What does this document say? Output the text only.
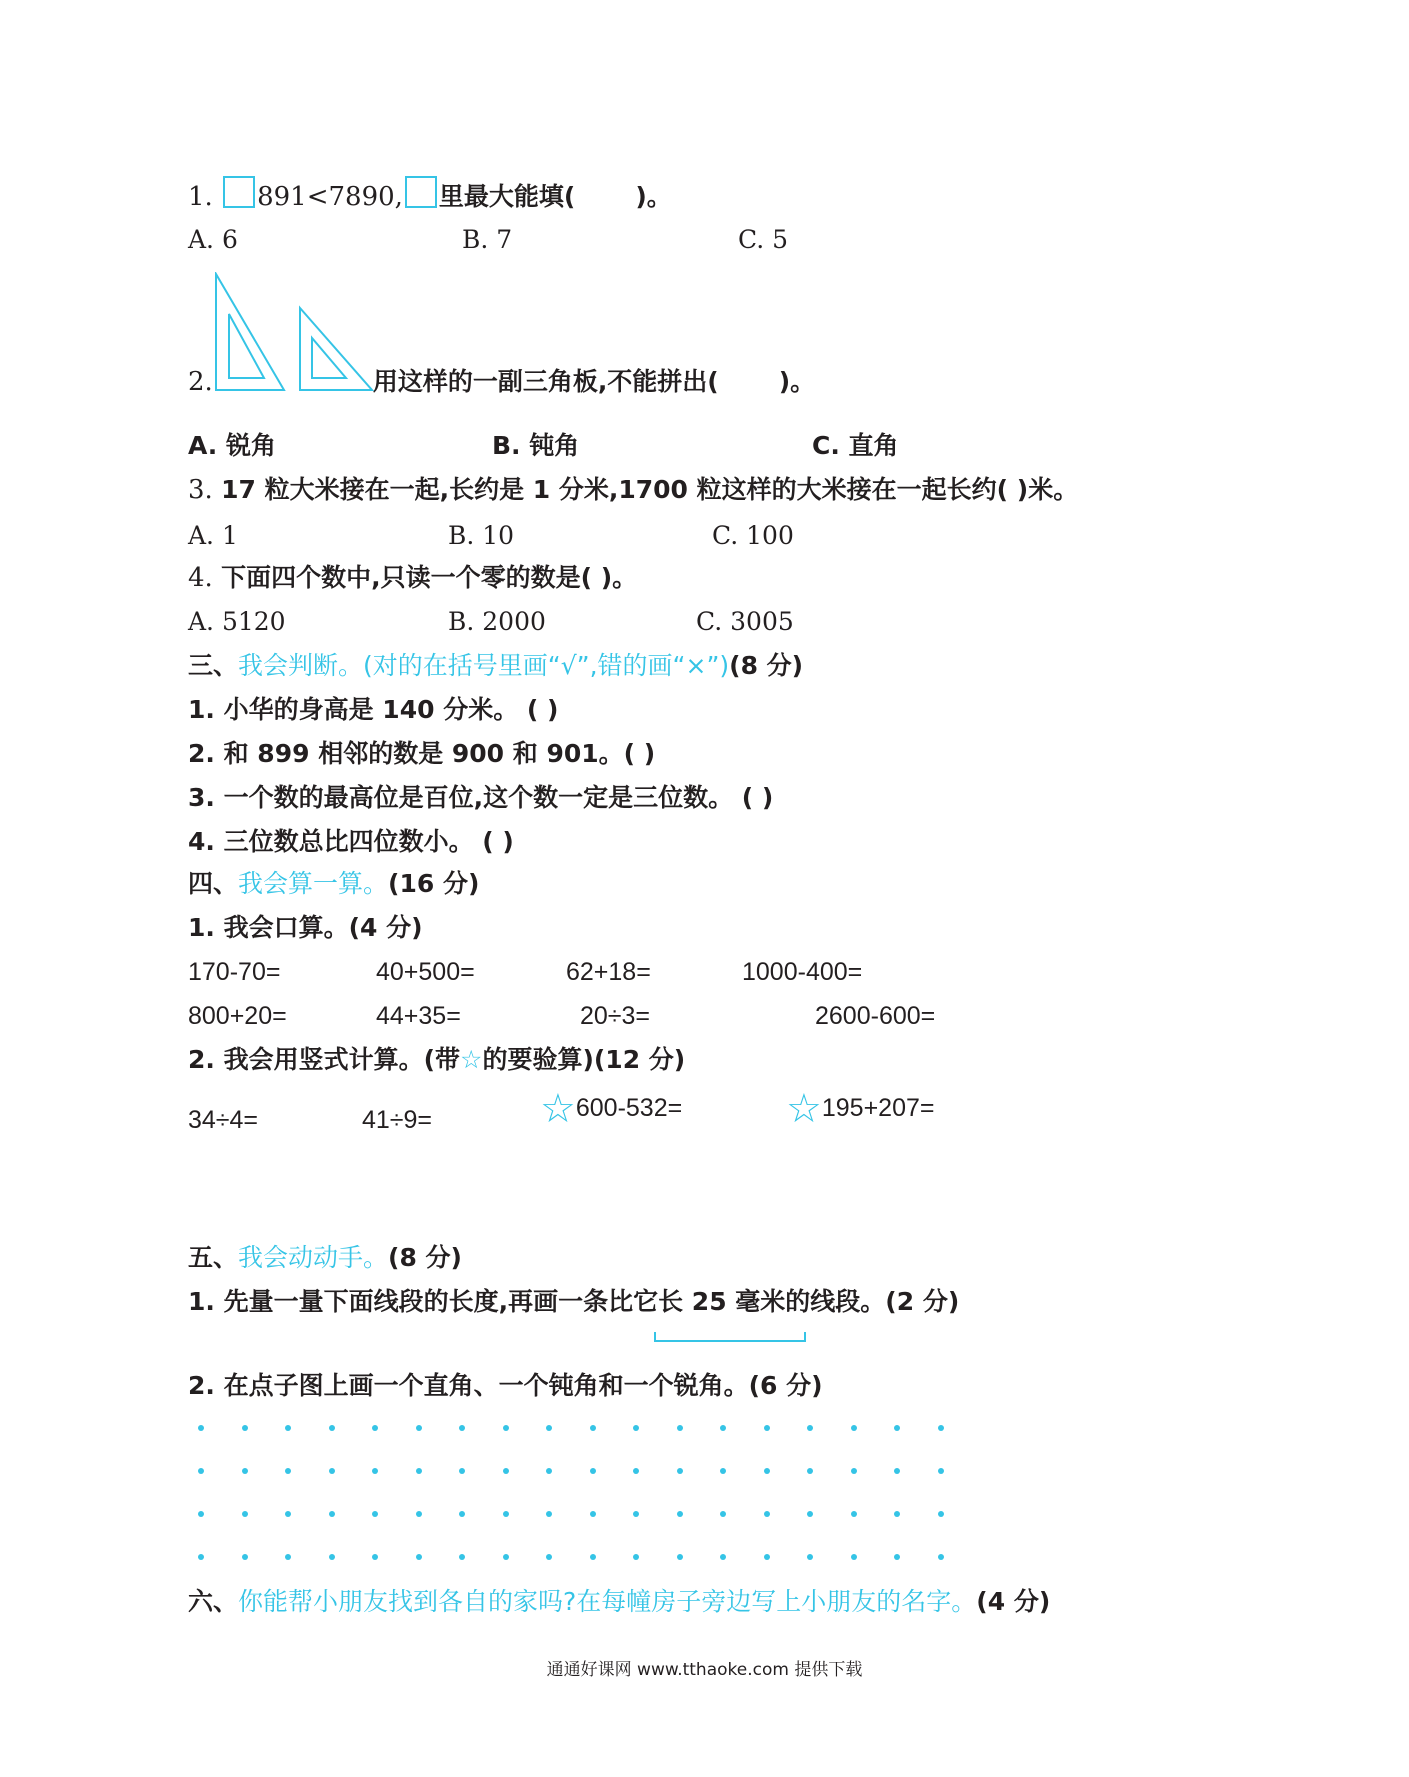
1. 891<7890, 里最大能填( )。
A. 6	B. 7	C. 5
2.	用这样的一副三角板,不能拼出( )。
A. 锐角	B. 钝角	C. 直角
3. 17 粒大米接在一起,长约是 1 分米,1700 粒这样的大米接在一起长约( )米。
A. 1	B. 10	C. 100
4. 下面四个数中,只读一个零的数是( )。
A. 5120	B. 2000	C. 3005
三、我会判断。(对的在括号里画“√”,错的画“×”)(8 分)
1. 小华的身高是 140 分米。 ( )
2. 和 899 相邻的数是 900 和 901。( )
3. 一个数的最高位是百位,这个数一定是三位数。 ( )
4. 三位数总比四位数小。 ( )
四、我会算一算。(16 分)
1. 我会口算。(4 分)
170-70=	40+500=	62+18=	1000-400=
800+20=	44+35=	20÷3=	2600-600=
2. 我会用竖式计算。(带☆的要验算)(12 分)
34÷4=	41÷9=	☆600-532=	☆195+207=
五、我会动动手。(8 分)
1. 先量一量下面线段的长度,再画一条比它长 25 毫米的线段。(2 分)
2. 在点子图上画一个直角、一个钝角和一个锐角。(6 分)
六、你能帮小朋友找到各自的家吗?在每幢房子旁边写上小朋友的名字。(4 分)
通通好课网 www.tthaoke.com 提供下载
